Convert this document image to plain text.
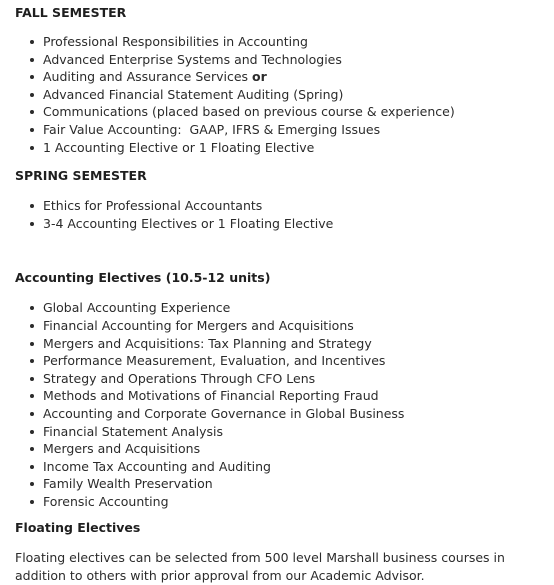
FALL SEMESTER
Professional Responsibilities in Accounting
Advanced Enterprise Systems and Technologies
Auditing and Assurance Services or
Advanced Financial Statement Auditing (Spring)
Communications (placed based on previous course & experience)
Fair Value Accounting:  GAAP, IFRS & Emerging Issues
1 Accounting Elective or 1 Floating Elective
SPRING SEMESTER
Ethics for Professional Accountants
3-4 Accounting Electives or 1 Floating Elective
Accounting Electives (10.5-12 units)
Global Accounting Experience
Financial Accounting for Mergers and Acquisitions
Mergers and Acquisitions: Tax Planning and Strategy
Performance Measurement, Evaluation, and Incentives
Strategy and Operations Through CFO Lens
Methods and Motivations of Financial Reporting Fraud
Accounting and Corporate Governance in Global Business
Financial Statement Analysis
Mergers and Acquisitions
Income Tax Accounting and Auditing
Family Wealth Preservation
Forensic Accounting
Floating Electives

Floating electives can be selected from 500 level Marshall business courses in addition to others with prior approval from our Academic Advisor.
